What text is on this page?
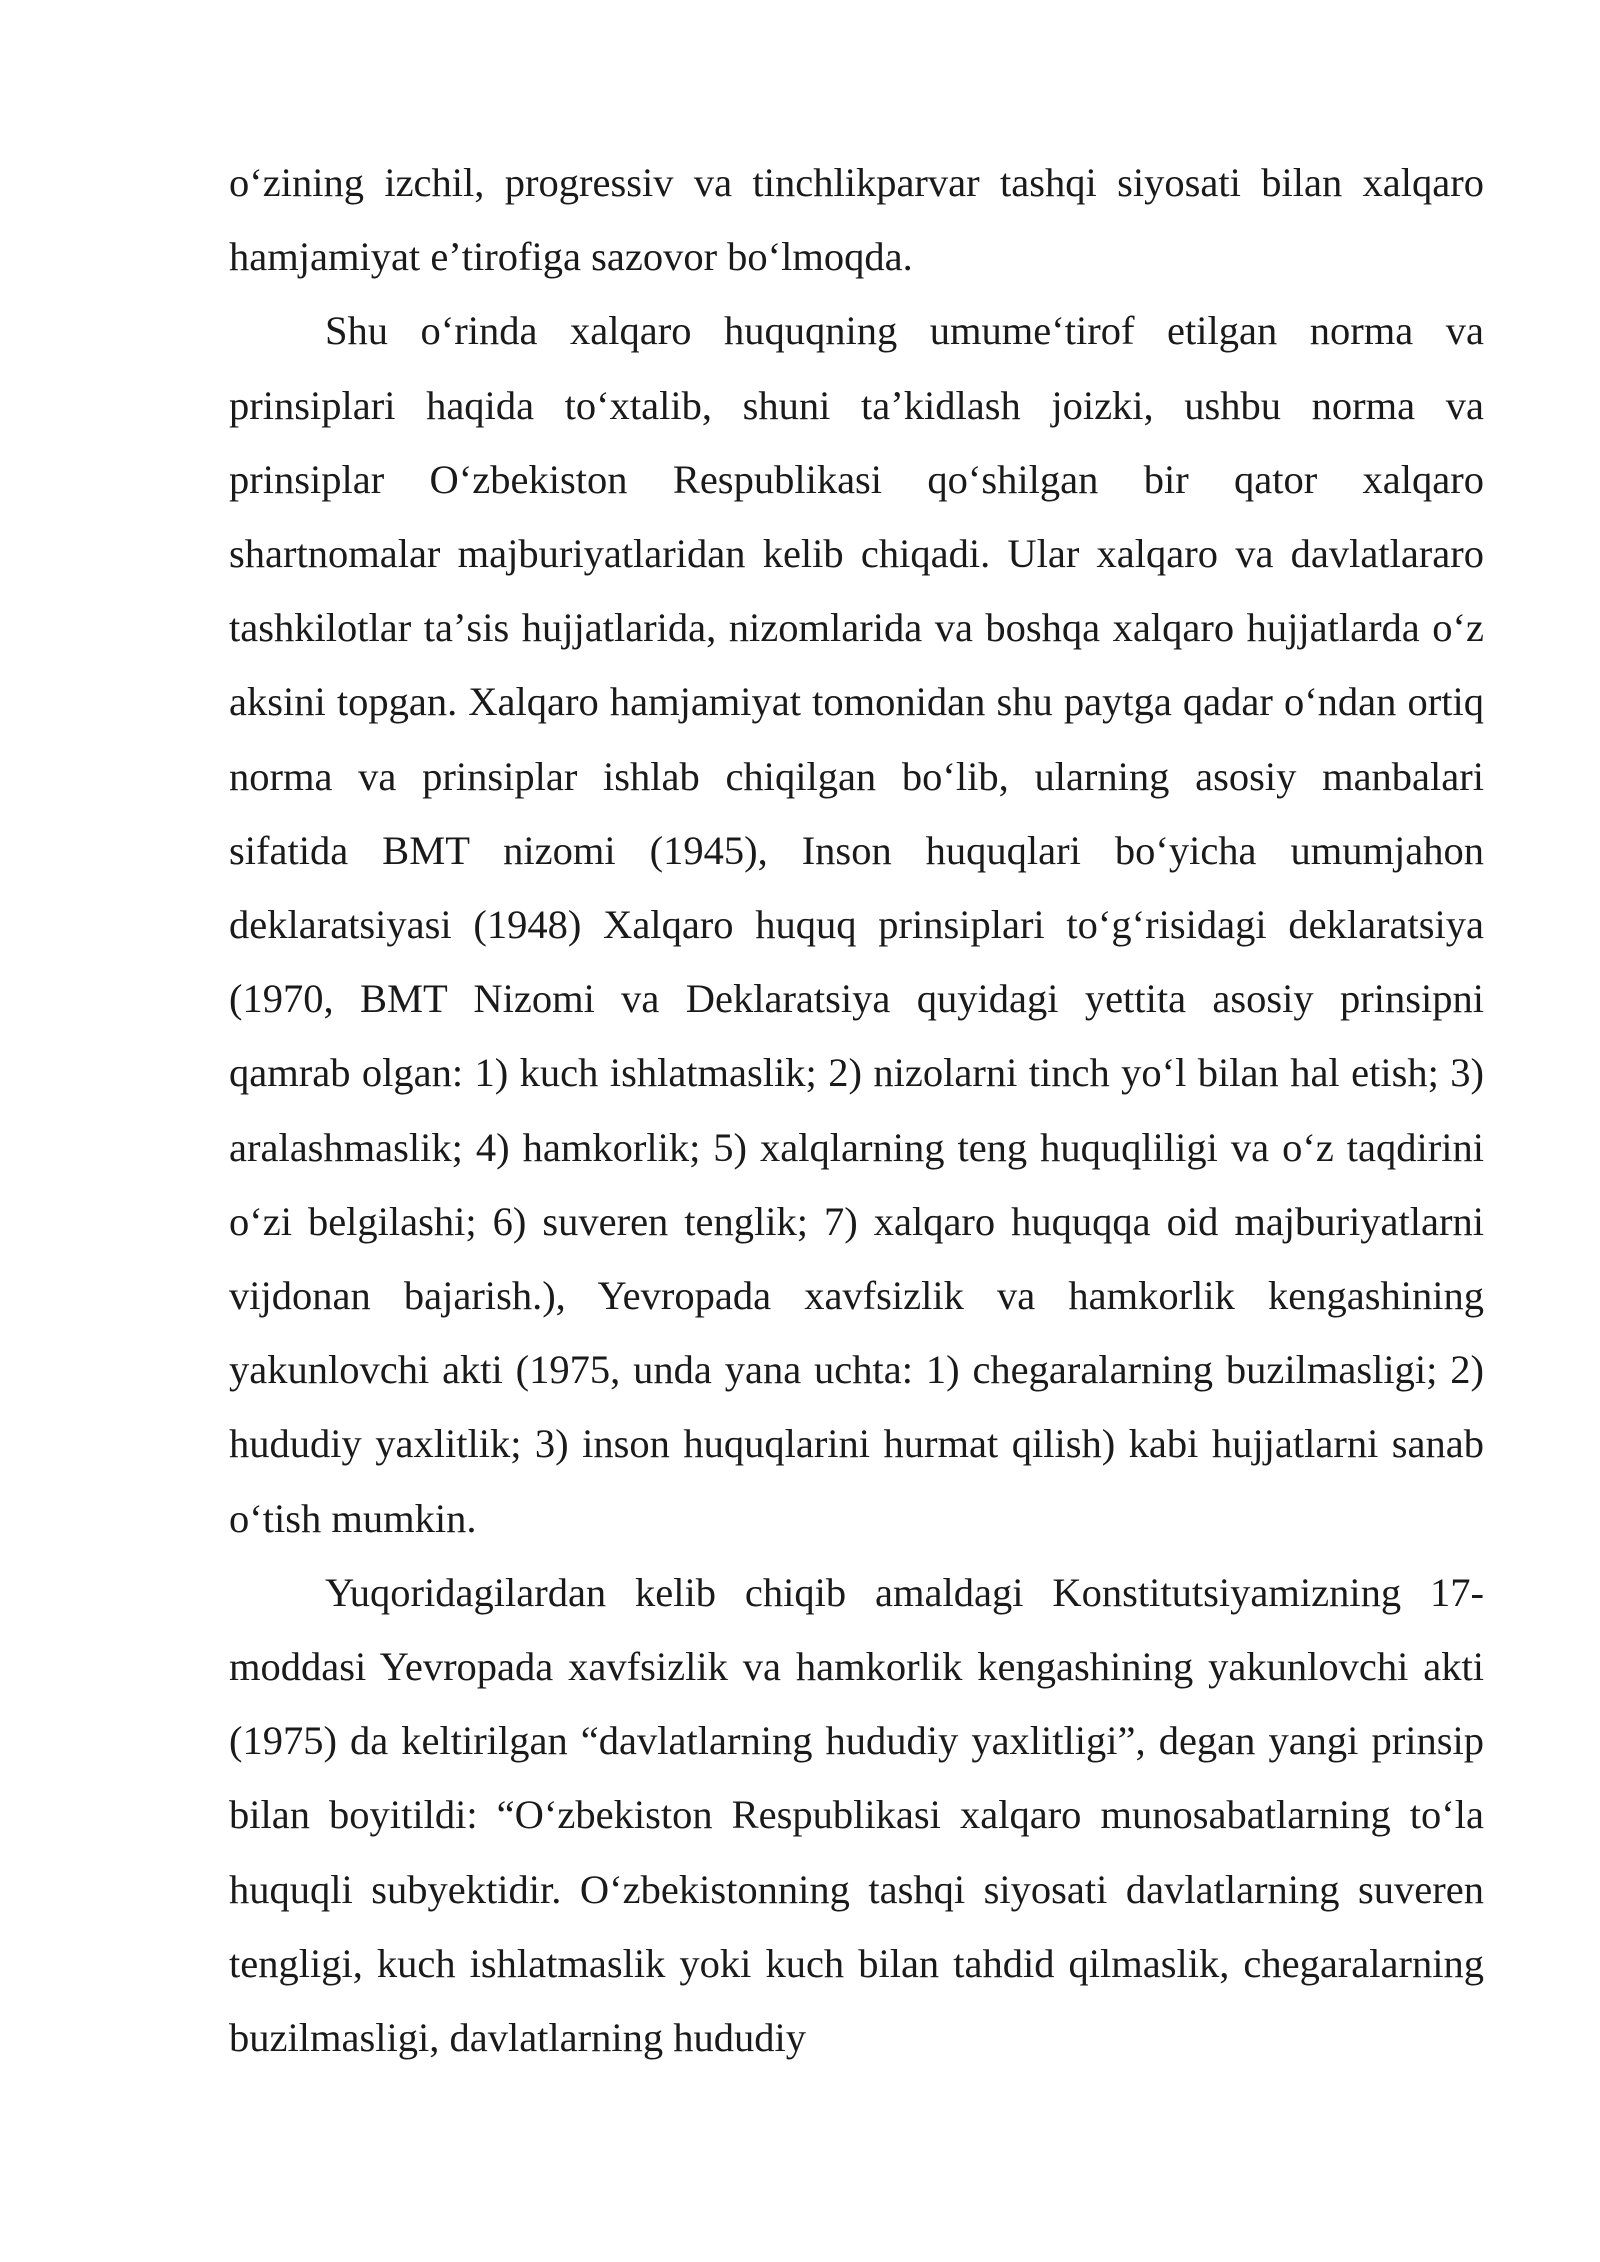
oʻzining izchil, progressiv va tinchlikparvar tashqi siyosati bilan xalqaro hamjamiyat eʼtirofiga sazovor boʻlmoqda.

Shu oʻrinda xalqaro huquqning umumeʻtirof etilgan norma va prinsiplari haqida toʻxtalib, shuni taʼkidlash joizki, ushbu norma va prinsiplar Oʻzbekiston Respublikasi qoʻshilgan bir qator xalqaro shartnomalar majburiyatlaridan kelib chiqadi. Ular xalqaro va davlatlararo tashkilotlar taʼsis hujjatlarida, nizomlarida va boshqa xalqaro hujjatlarda oʻz aksini topgan. Xalqaro hamjamiyat tomonidan shu paytga qadar oʻndan ortiq norma va prinsiplar ishlab chiqilgan boʻlib, ularning asosiy manbalari sifatida BMT nizomi (1945), Inson huquqlari boʻyicha umumjahon deklaratsiyasi (1948) Xalqaro huquq prinsiplari toʻgʻrisidagi deklaratsiya (1970, BMT Nizomi va Deklaratsiya quyidagi yettita asosiy prinsipni qamrab olgan: 1) kuch ishlatmaslik; 2) nizolarni tinch yoʻl bilan hal etish; 3) aralashmaslik; 4) hamkorlik; 5) xalqlarning teng huquqliligi va oʻz taqdirini oʻzi belgilashi; 6) suveren tenglik; 7) xalqaro huquqqa oid majburiyatlarni vijdonan bajarish.), Yevropada xavfsizlik va hamkorlik kengashining yakunlovchi akti (1975, unda yana uchta: 1) chegaralarning buzilmasligi; 2) hududiy yaxlitlik; 3) inson huquqlarini hurmat qilish) kabi hujjatlarni sanab oʻtish mumkin.

Yuqoridagilardan kelib chiqib amaldagi Konstitutsiyamizning 17-moddasi Yevropada xavfsizlik va hamkorlik kengashining yakunlovchi akti (1975) da keltirilgan “davlatlarning hududiy yaxlitligi”, degan yangi prinsip bilan boyitildi: “Oʻzbekiston Respublikasi xalqaro munosabatlarning toʻla huquqli subyektidir. Oʻzbekistonning tashqi siyosati davlatlarning suveren tengligi, kuch ishlatmaslik yoki kuch bilan tahdid qilmaslik, chegaralarning buzilmasligi, davlatlarning hududiy
